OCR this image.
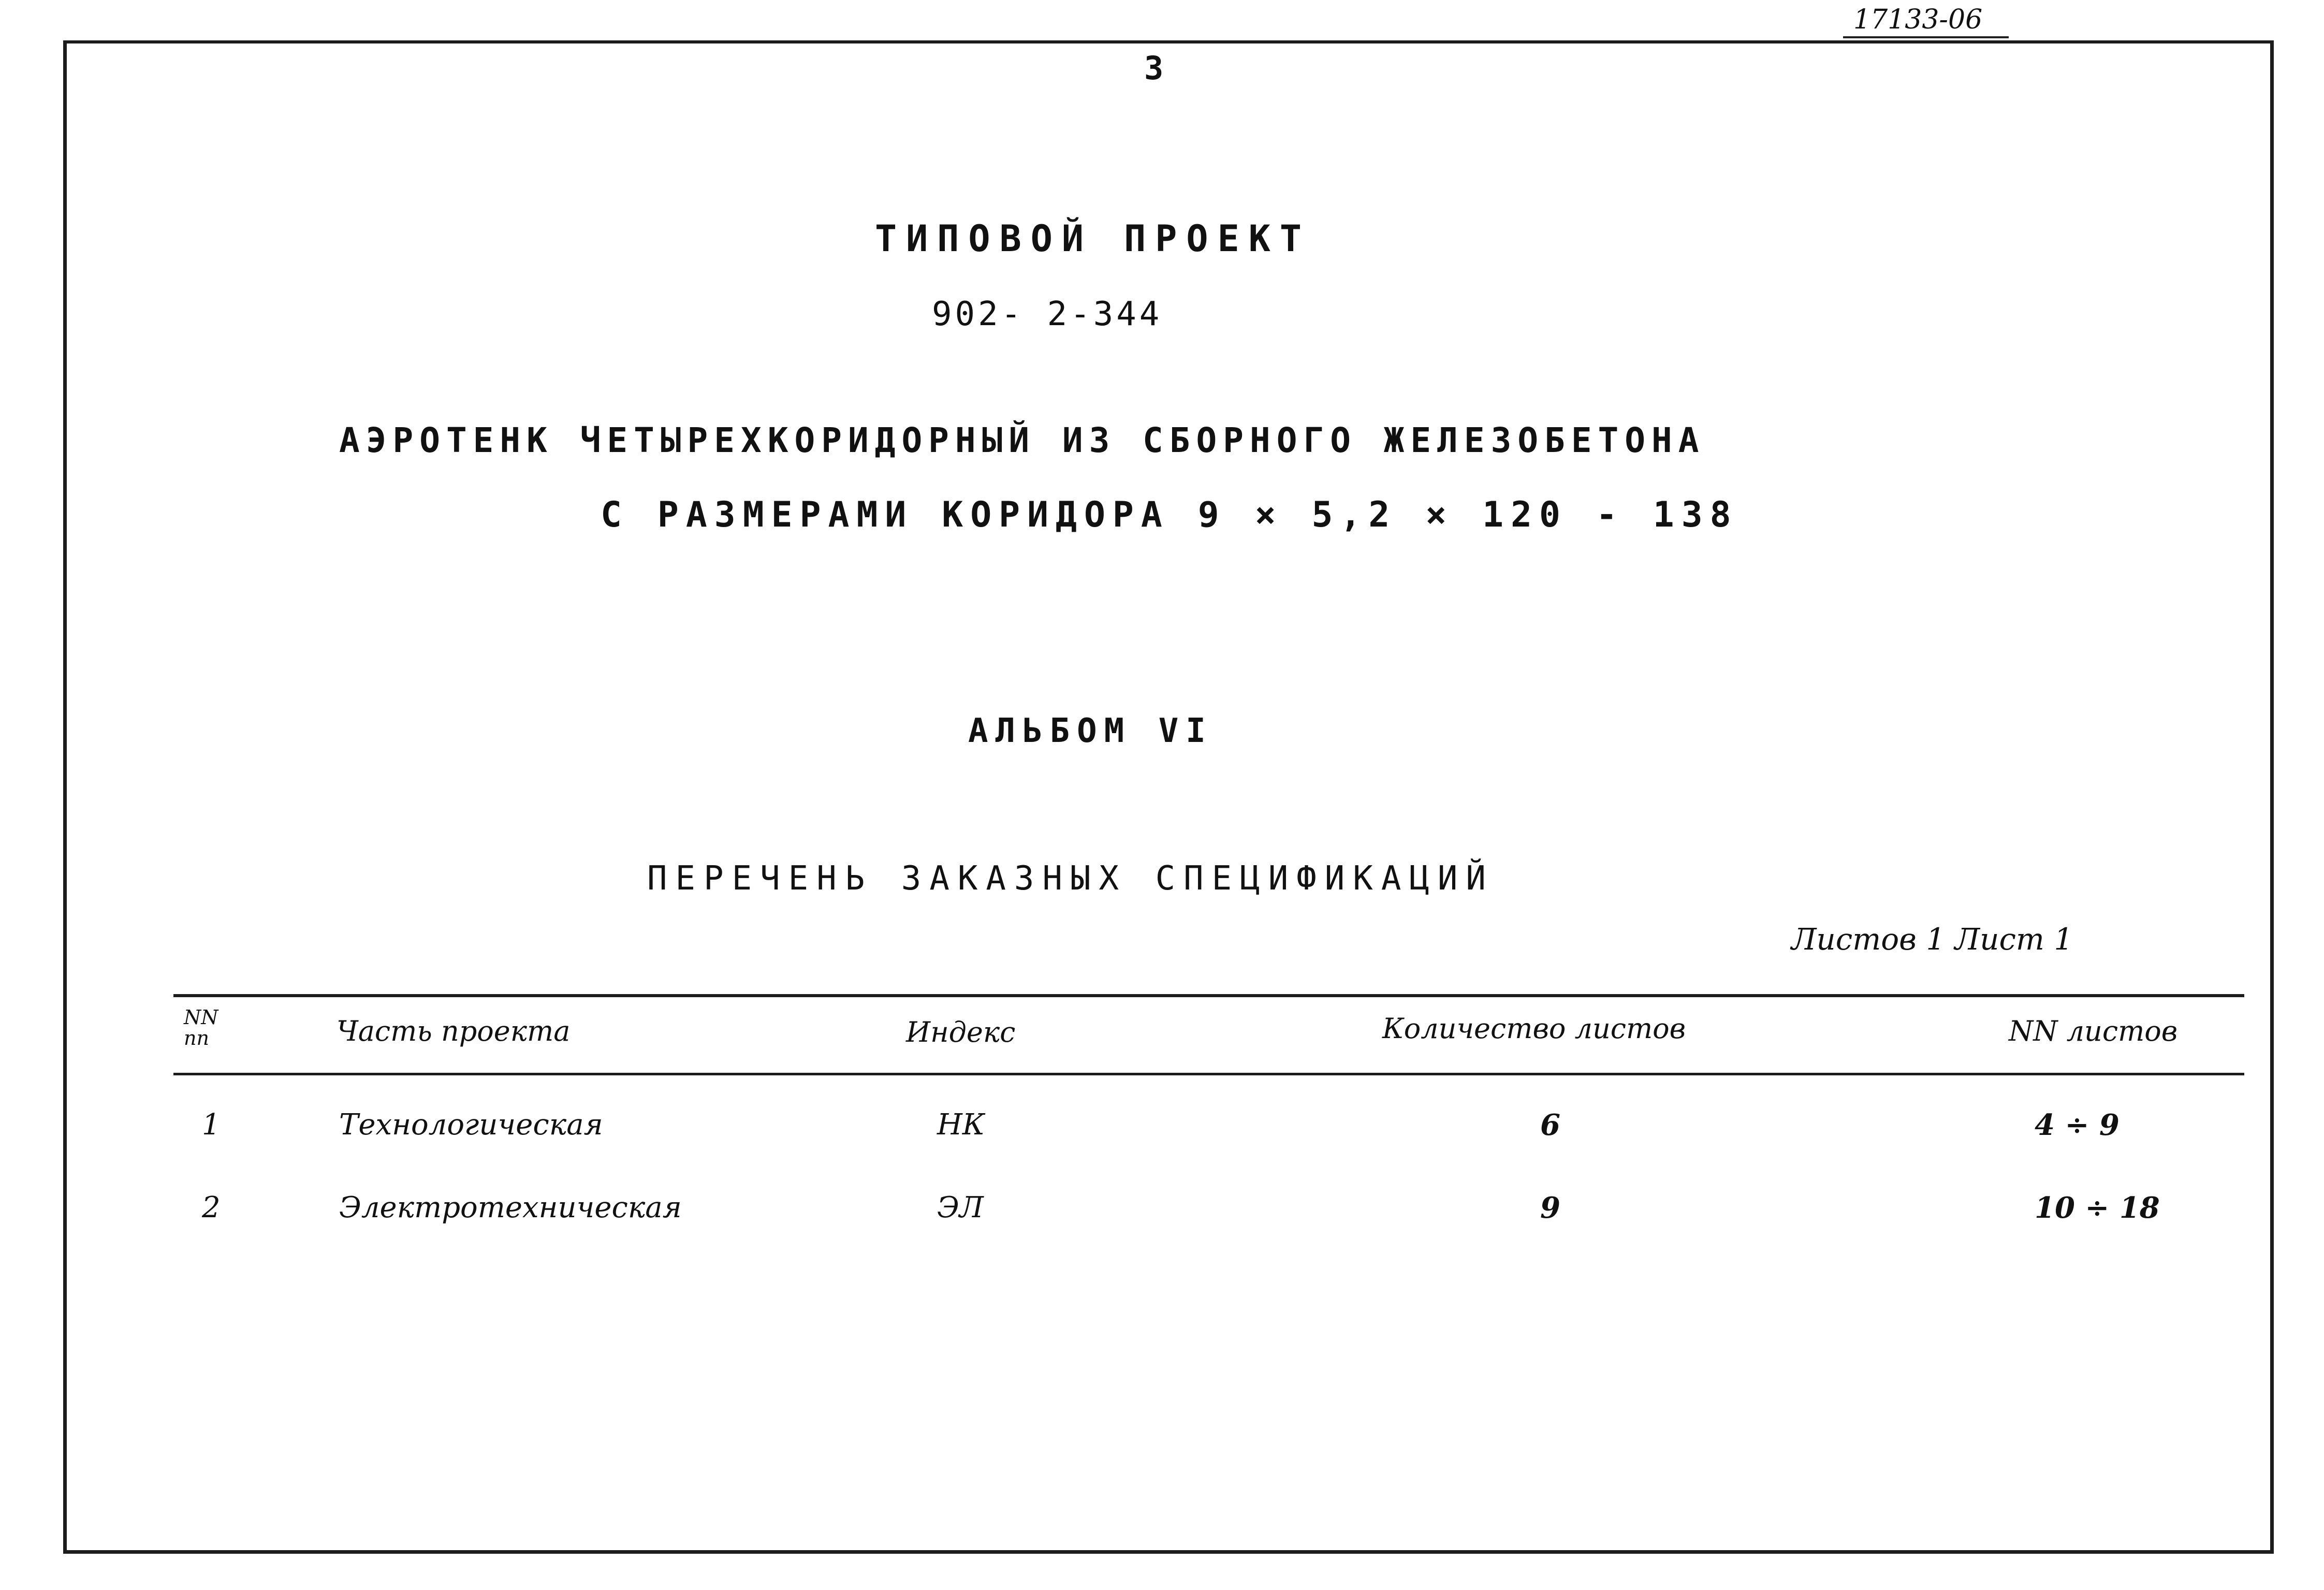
17133-06
3
ТИПОВОЙ ПРОЕКТ
902- 2-344
АЭРОТЕНК ЧЕТЫРЕХКОРИДОРНЫЙ ИЗ СБОРНОГО ЖЕЛЕЗОБЕТОНА
С РАЗМЕРАМИ КОРИДОРА 9 × 5,2 × 120 - 138
АЛЬБОМ VI
ПЕРЕЧЕНЬ ЗАКАЗНЫХ СПЕЦИФИКАЦИЙ
Листов 1 Лист 1
NN пп	Часть проекта	Индекс	Количество листов	NN листов
1	Технологическая	НК	6	4 ÷ 9
2	Электротехническая	ЭЛ	9	10 ÷ 18
